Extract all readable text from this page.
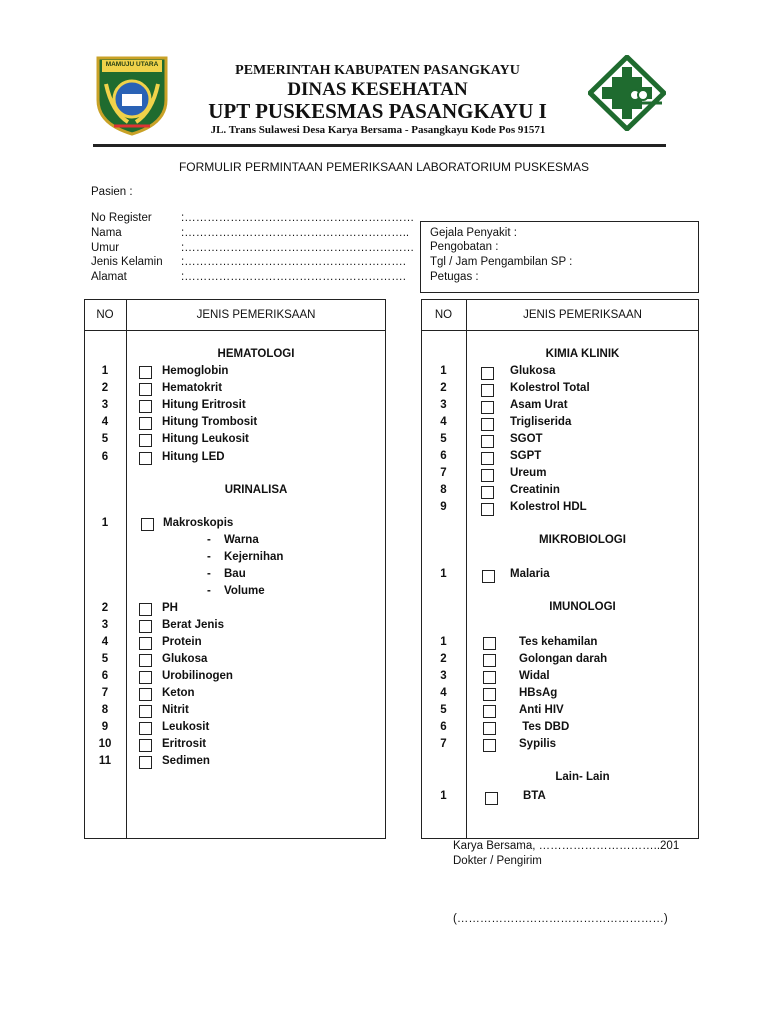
MAMUJU UTARA	PEMERINTAH KABUPATEN PASANGKAYU
DINAS KESEHATAN
UPT PUSKESMAS PASANGKAYU I
JL. Trans Sulawesi Desa Karya Bersama - Pasangkayu Kode Pos 91571
FORMULIR PERMINTAAN PEMERIKSAAN LABORATORIUM PUSKESMAS
Pasien :
No Register	:……………………………………………………
Nama	:…………………………………………………..
Umur	:……………………………………………………
Jenis Kelamin :………………………………………………….
Alamat	:………………………………………………….
Gejala Penyakit :
Pengobatan :
Tgl / Jam Pengambilan SP :
Petugas :
NO	JENIS PEMERIKSAAN
HEMATOLOGI
1	Hemoglobin
2	Hematokrit
3	Hitung Eritrosit
4	Hitung Trombosit
5	Hitung Leukosit
6	Hitung LED
URINALISA
1	Makroskopis
- Warna
- Kejernihan
- Bau
- Volume
2	PH
3	Berat Jenis
4	Protein
5	Glukosa
6	Urobilinogen
7	Keton
8	Nitrit
9	Leukosit
10	Eritrosit
11	Sedimen
NO	JENIS PEMERIKSAAN
KIMIA KLINIK
1	Glukosa
2	Kolestrol Total
3	Asam Urat
4	Trigliserida
5	SGOT
6	SGPT
7	Ureum
8	Creatinin
9	Kolestrol HDL
MIKROBIOLOGI
1	Malaria
IMUNOLOGI
1	Tes kehamilan
2	Golongan darah
3	Widal
4	HBsAg
5	Anti HIV
6	Tes DBD
7	Sypilis
Lain- Lain
1	BTA
Karya Bersama, …………………………..201
Dokter / Pengirim
(………………………………………………)
